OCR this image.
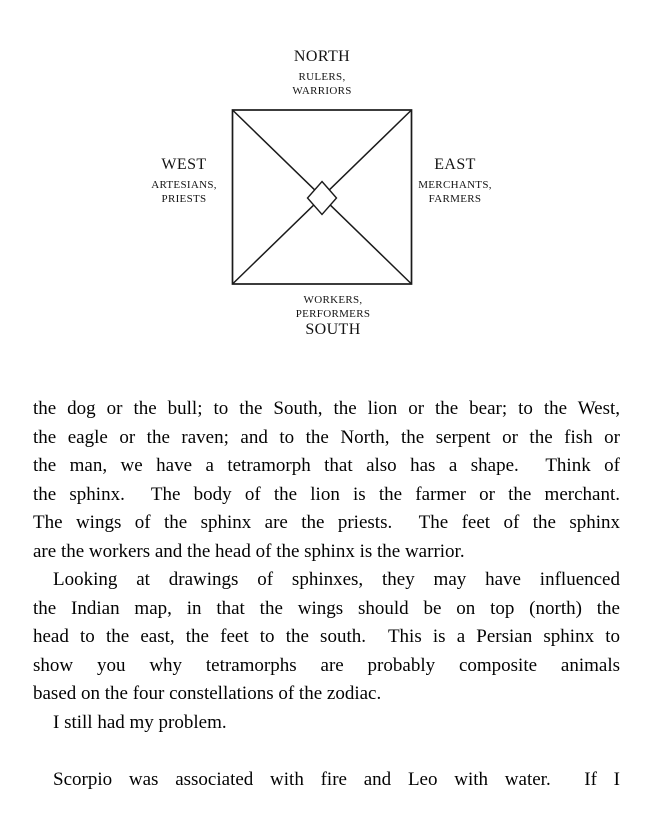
NORTH
RULERS,
WARRIORS
WEST
ARTESIANS,
PRIESTS
EAST
MERCHANTS,
FARMERS
WORKERS,
PERFORMERS
SOUTH
the dog or the bull; to the South, the lion or the bear; to the West,
the eagle or the raven; and to the North, the serpent or the fish or
the man, we have a tetramorph that also has a shape.  Think of
the sphinx.  The body of the lion is the farmer or the merchant.
The wings of the sphinx are the priests.  The feet of the sphinx
are the workers and the head of the sphinx is the warrior.
Looking at drawings of sphinxes, they may have influenced
the Indian map, in that the wings should be on top (north) the
head to the east, the feet to the south.  This is a Persian sphinx to
show you why tetramorphs are probably composite animals
based on the four constellations of the zodiac.
I still had my problem.
Scorpio was associated with fire and Leo with water.  If I
